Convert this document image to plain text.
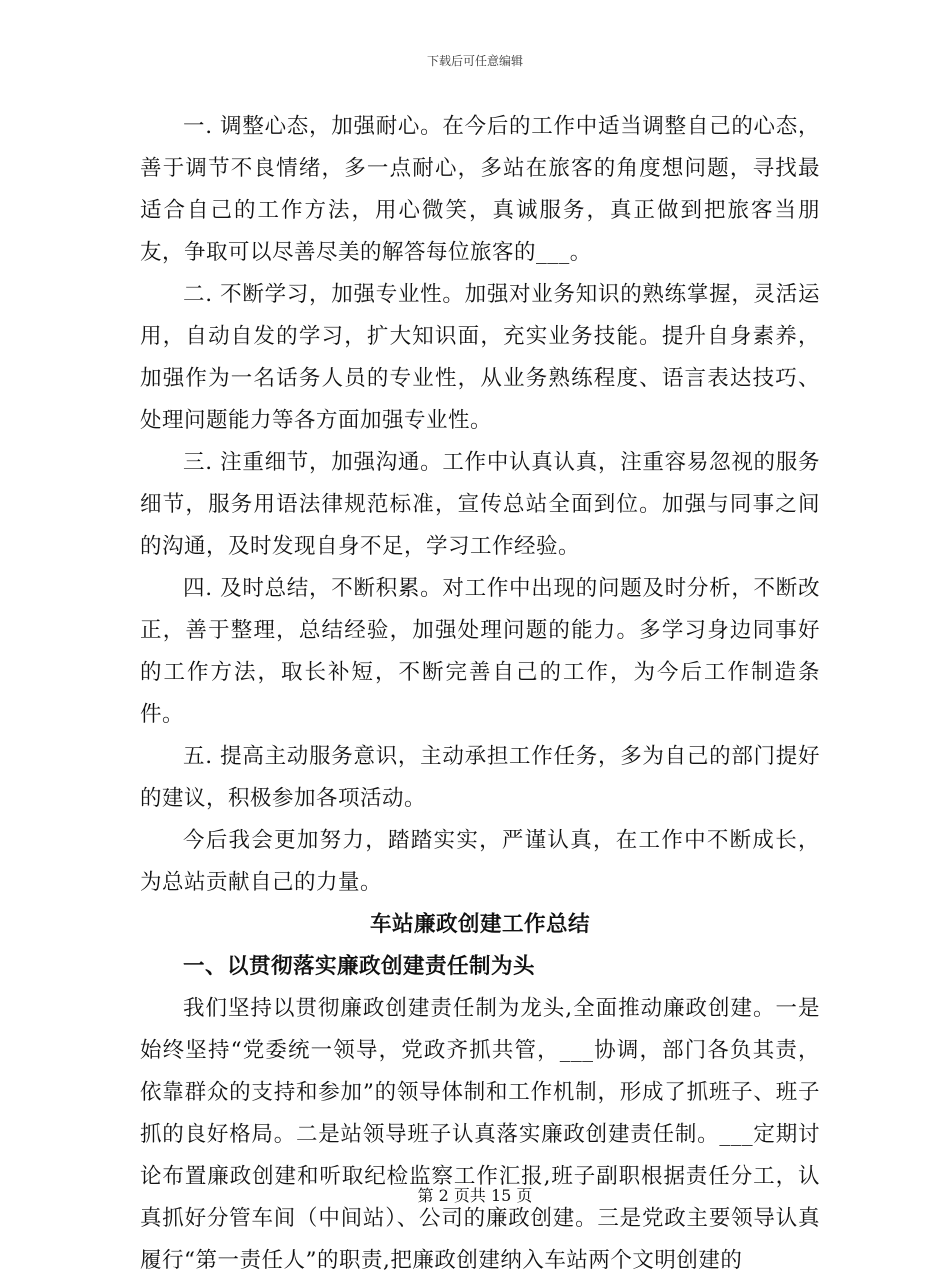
下载后可任意编辑

一. 调整心态，加强耐心。在今后的工作中适当调整自己的心态，善于调节不良情绪，多一点耐心，多站在旅客的角度想问题，寻找最适合自己的工作方法，用心微笑，真诚服务，真正做到把旅客当朋友，争取可以尽善尽美的解答每位旅客的___。

二. 不断学习，加强专业性。加强对业务知识的熟练掌握，灵活运用，自动自发的学习，扩大知识面，充实业务技能。提升自身素养，加强作为一名话务人员的专业性，从业务熟练程度、语言表达技巧、处理问题能力等各方面加强专业性。

三. 注重细节，加强沟通。工作中认真认真，注重容易忽视的服务细节，服务用语法律规范标准，宣传总站全面到位。加强与同事之间的沟通，及时发现自身不足，学习工作经验。

四. 及时总结，不断积累。对工作中出现的问题及时分析，不断改正，善于整理，总结经验，加强处理问题的能力。多学习身边同事好的工作方法，取长补短，不断完善自己的工作，为今后工作制造条件。

五. 提高主动服务意识，主动承担工作任务，多为自己的部门提好的建议，积极参加各项活动。

今后我会更加努力，踏踏实实，严谨认真，在工作中不断成长，为总站贡献自己的力量。

车站廉政创建工作总结

一、以贯彻落实廉政创建责任制为头

我们坚持以贯彻廉政创建责任制为龙头,全面推动廉政创建。一是始终坚持“党委统一领导，党政齐抓共管，___协调，部门各负其责，依靠群众的支持和参加”的领导体制和工作机制，形成了抓班子、班子抓的良好格局。二是站领导班子认真落实廉政创建责任制。___定期讨论布置廉政创建和听取纪检监察工作汇报,班子副职根据责任分工，认真抓好分管车间（中间站）、公司的廉政创建。三是党政主要领导认真履行“第一责任人”的职责,把廉政创建纳入车站两个文明创建的

第 2 页共 15 页
